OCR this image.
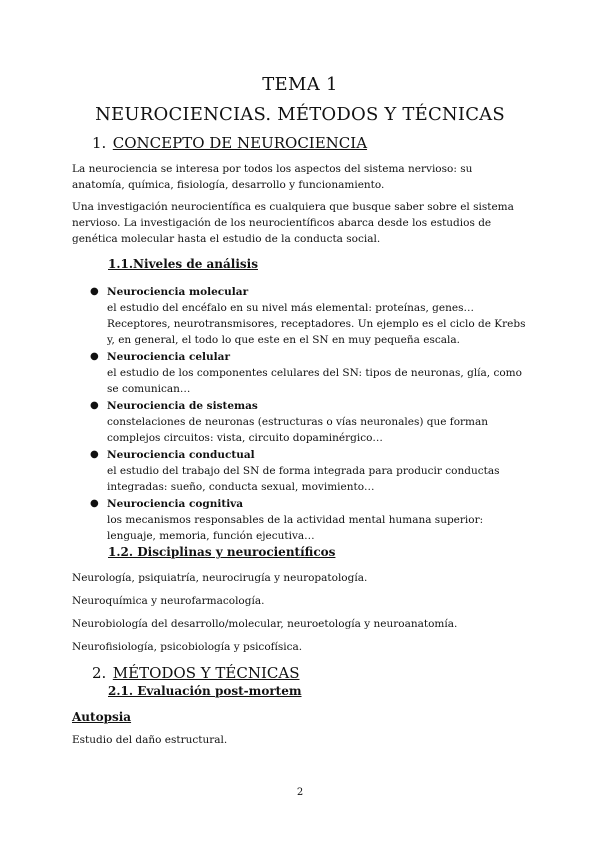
TEMA 1
NEUROCIENCIAS. MÉTODOS Y TÉCNICAS
1. CONCEPTO DE NEUROCIENCIA
La neurociencia se interesa por todos los aspectos del sistema nervioso: su anatomía, química, fisiología, desarrollo y funcionamiento.
Una investigación neurocientífica es cualquiera que busque saber sobre el sistema nervioso. La investigación de los neurocientíficos abarca desde los estudios de genética molecular hasta el estudio de la conducta social.
1.1.Niveles de análisis
● Neurociencia molecular
el estudio del encéfalo en su nivel más elemental: proteínas, genes… Receptores, neurotransmisores, receptadores. Un ejemplo es el ciclo de Krebs y, en general, el todo lo que este en el SN en muy pequeña escala.
● Neurociencia celular
el estudio de los componentes celulares del SN: tipos de neuronas, glía, como se comunican…
● Neurociencia de sistemas
constelaciones de neuronas (estructuras o vías neuronales) que forman complejos circuitos: vista, circuito dopaminérgico…
● Neurociencia conductual
el estudio del trabajo del SN de forma integrada para producir conductas integradas: sueño, conducta sexual, movimiento…
● Neurociencia cognitiva
los mecanismos responsables de la actividad mental humana superior: lenguaje, memoria, función ejecutiva…
1.2. Disciplinas y neurocientíficos
Neurología, psiquiatría, neurocirugía y neuropatología.
Neuroquímica y neurofarmacología.
Neurobiología del desarrollo/molecular, neuroetología y neuroanatomía.
Neurofisiología, psicobiología y psicofísica.
2. MÉTODOS Y TÉCNICAS
2.1. Evaluación post-mortem
Autopsia
Estudio del daño estructural.
2
